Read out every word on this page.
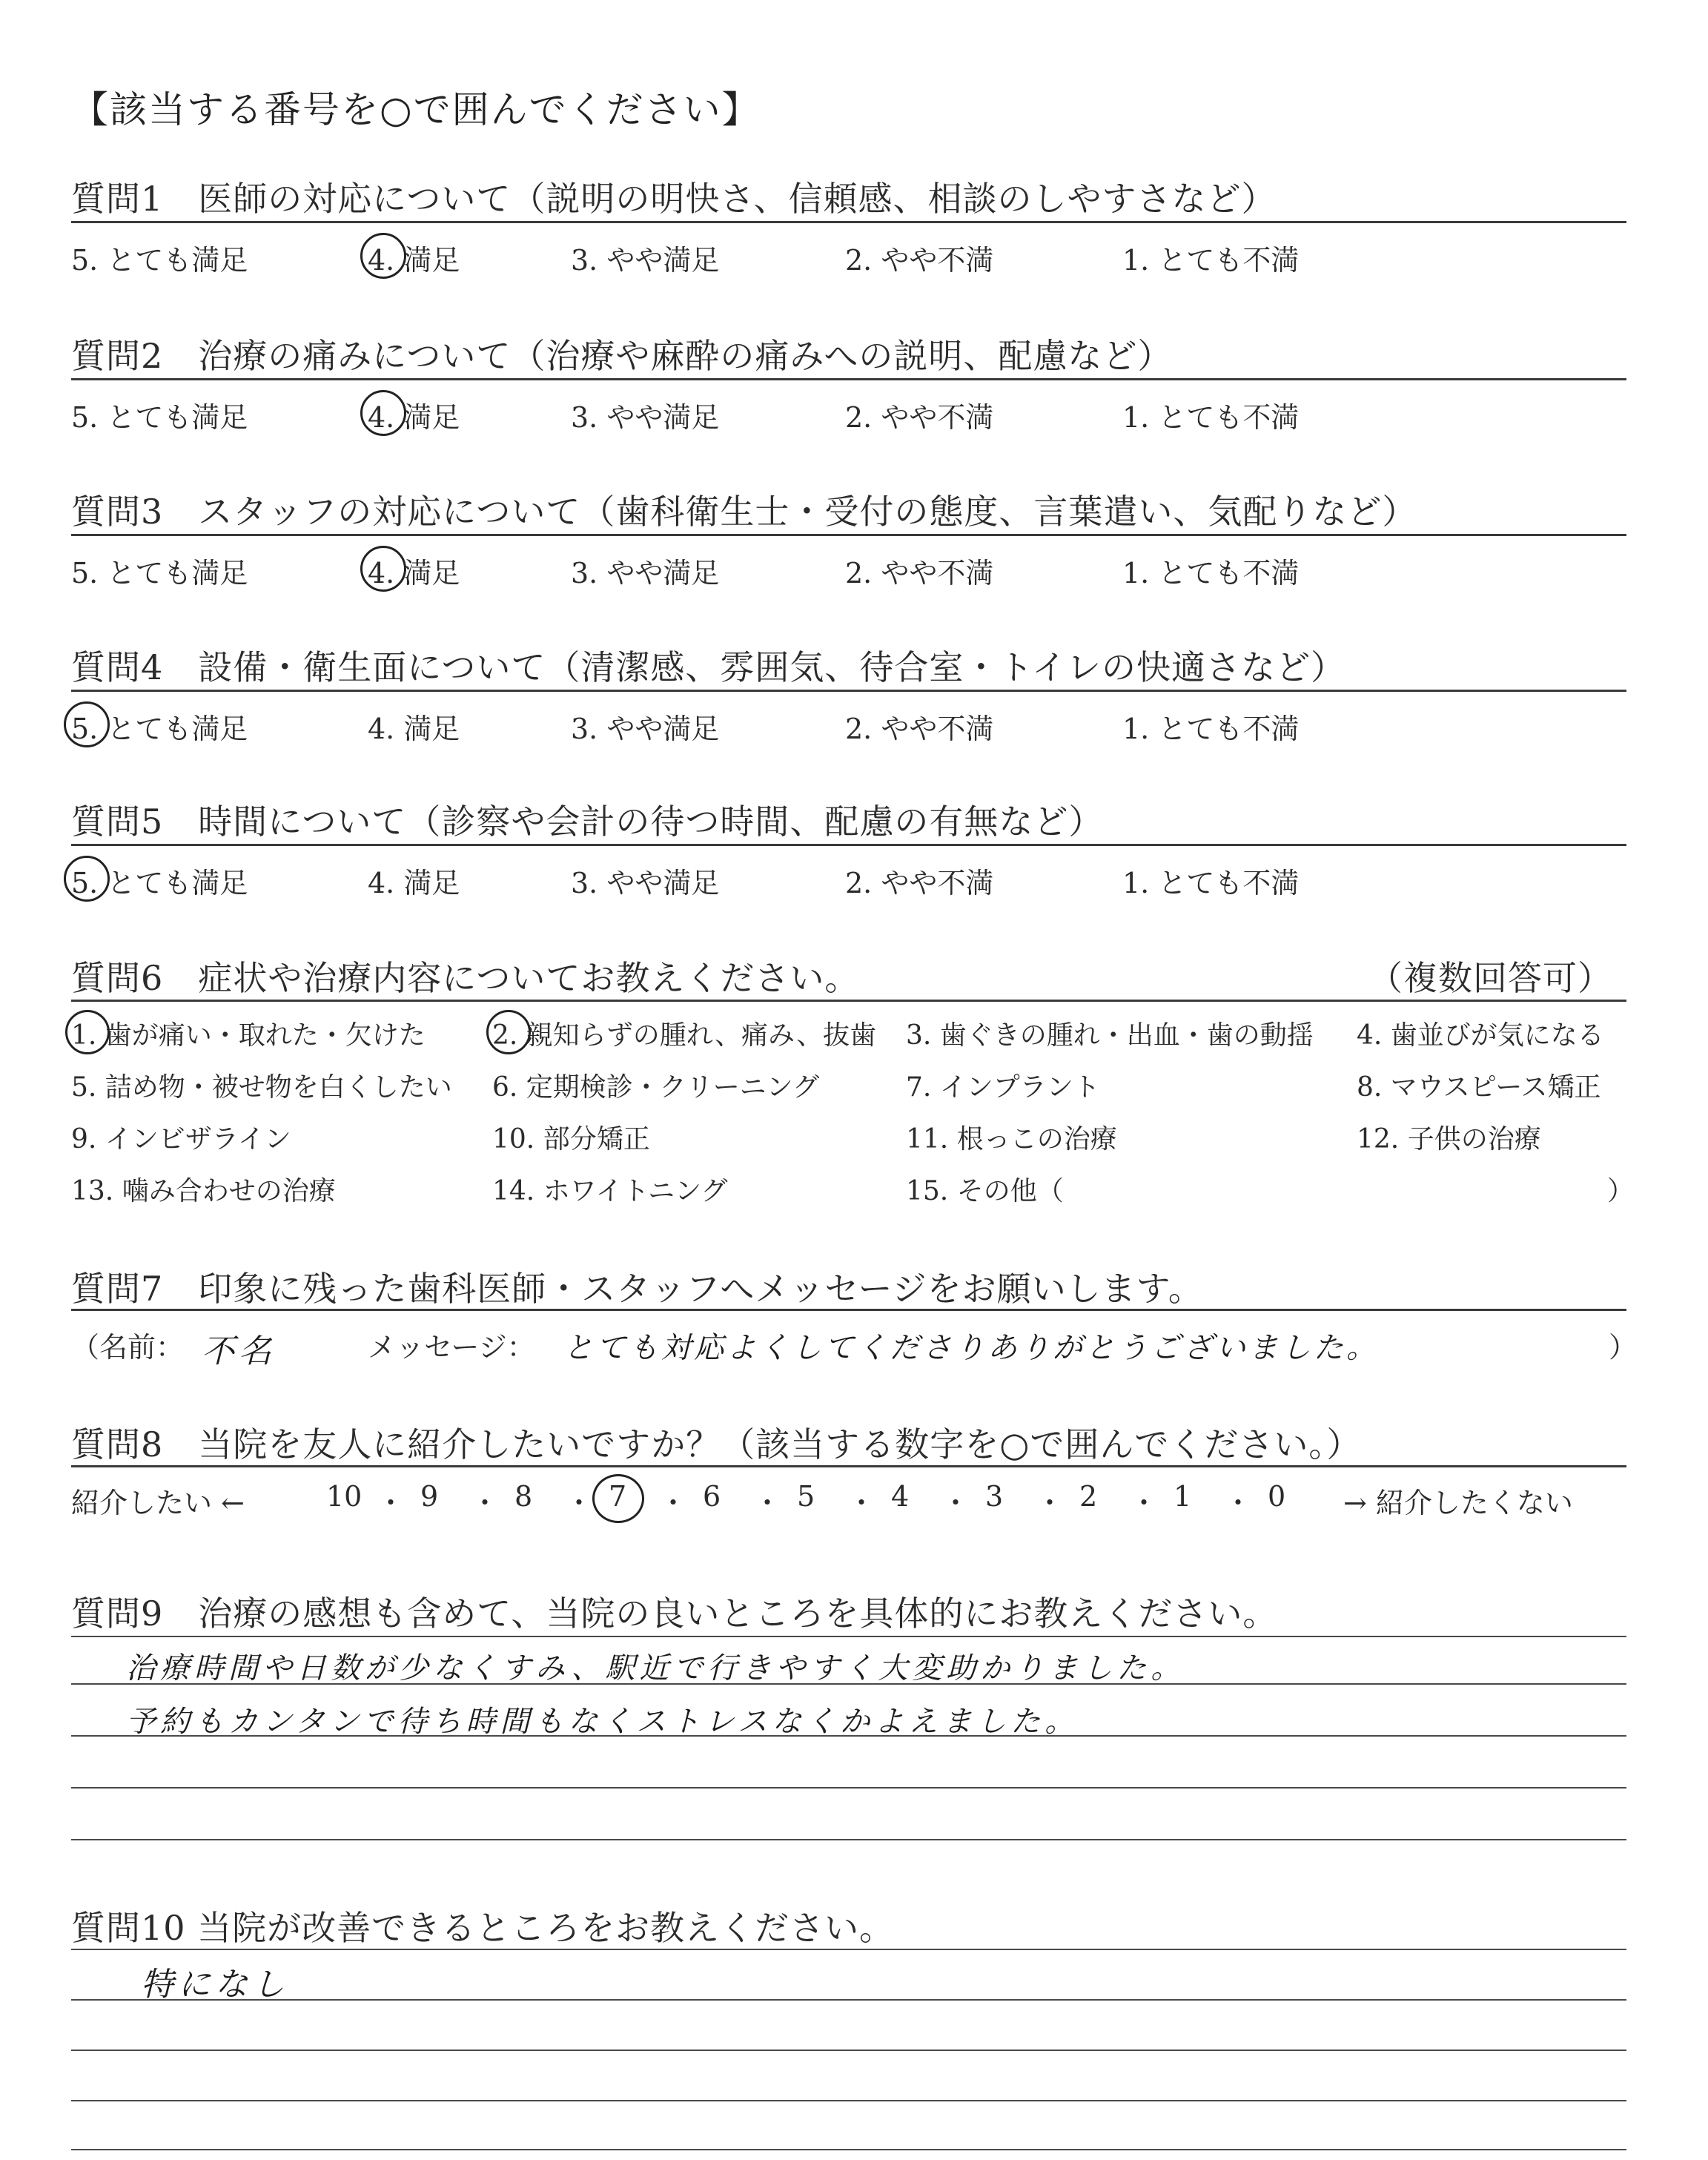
【該当する番号を○で囲んでください】
質問1　医師の対応について（説明の明快さ、信頼感、相談のしやすさなど）
5. とても満足	4. 満足	3. やや満足	2. やや不満	1. とても不満
質問2　治療の痛みについて（治療や麻酔の痛みへの説明、配慮など）
5. とても満足	4. 満足	3. やや満足	2. やや不満	1. とても不満
質問3　スタッフの対応について（歯科衛生士・受付の態度、言葉遣い、気配りなど）
5. とても満足	4. 満足	3. やや満足	2. やや不満	1. とても不満
質問4　設備・衛生面について（清潔感、雰囲気、待合室・トイレの快適さなど）
5. とても満足	4. 満足	3. やや満足	2. やや不満	1. とても不満
質問5　時間について（診察や会計の待つ時間、配慮の有無など）
5. とても満足	4. 満足	3. やや満足	2. やや不満	1. とても不満
質問6　症状や治療内容についてお教えください。	（複数回答可）
1. 歯が痛い・取れた・欠けた	2. 親知らずの腫れ、痛み、抜歯 3. 歯ぐきの腫れ・出血・歯の動揺 4. 歯並びが気になる
5. 詰め物・被せ物を白くしたい 6. 定期検診・クリーニング	7. インプラント	8. マウスピース矯正
9. インビザライン	10. 部分矯正	11. 根っこの治療	12. 子供の治療
13. 噛み合わせの治療	14. ホワイトニング	15. その他（	）
質問7　印象に残った歯科医師・スタッフへメッセージをお願いします。
（名前： 不名	メッセージ： とても対応よくしてくださりありがとうございました。	）
質問8　当院を友人に紹介したいですか？（該当する数字を○で囲んでください。）
紹介したい ←	10 ・ 9 ・ 8 ・ 7 ・ 6 ・ 5 ・ 4 ・ 3 ・ 2 ・ 1 ・ 0 → 紹介したくない
質問9　治療の感想も含めて、当院の良いところを具体的にお教えください。
治療時間や日数が少なくすみ、駅近で行きやすく大変助かりました。
予約もカンタンで待ち時間もなくストレスなくかよえました。
質問10 当院が改善できるところをお教えください。
特になし
